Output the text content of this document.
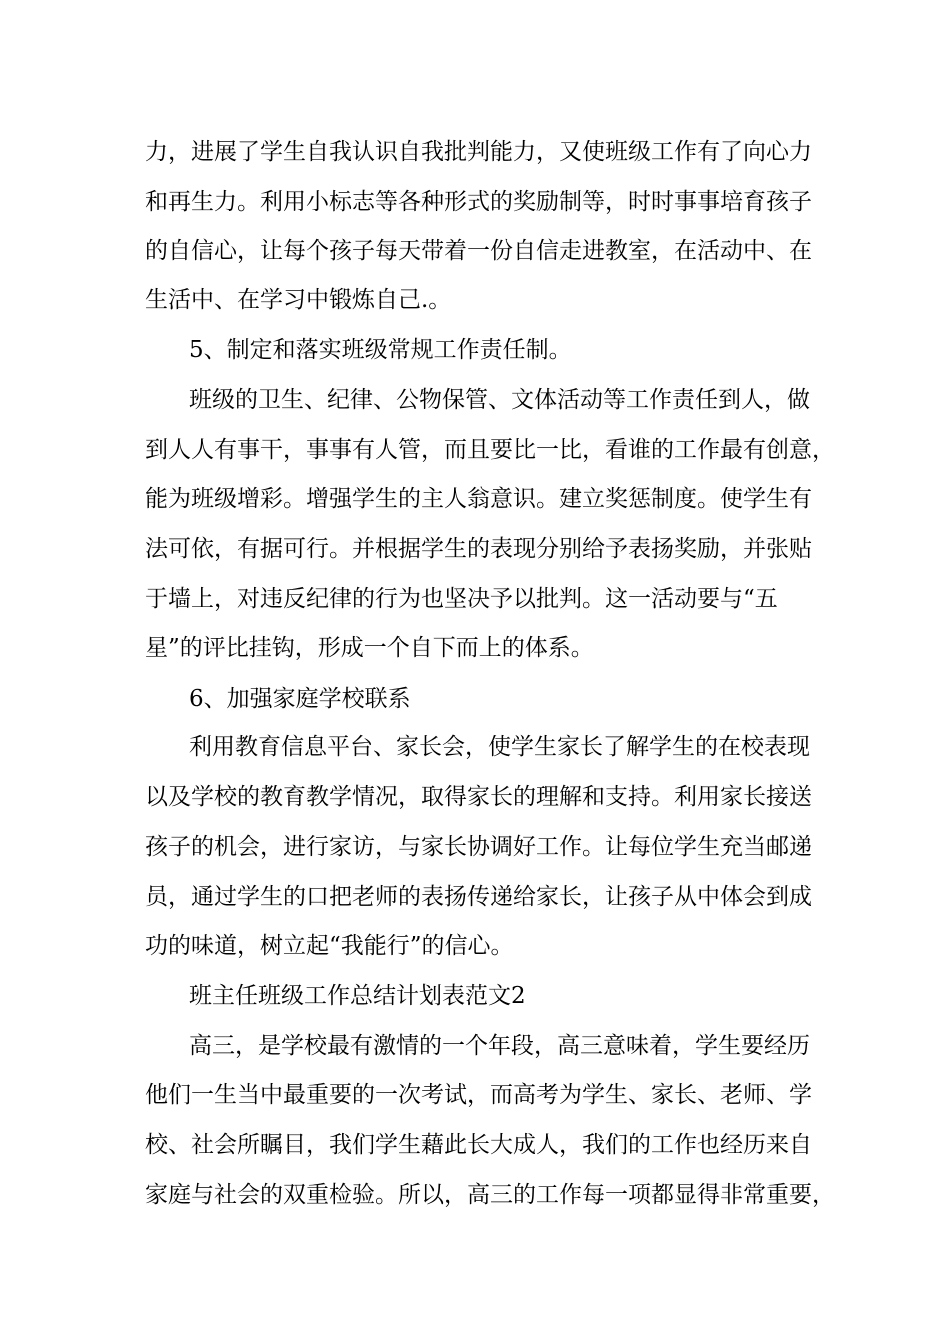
力，进展了学生自我认识自我批判能力，又使班级工作有了向心力
和再生力。利用小标志等各种形式的奖励制等，时时事事培育孩子
的自信心，让每个孩子每天带着一份自信走进教室，在活动中、在
生活中、在学习中锻炼自己.。
5、制定和落实班级常规工作责任制。
班级的卫生、纪律、公物保管、文体活动等工作责任到人，做
到人人有事干，事事有人管，而且要比一比，看谁的工作最有创意，
能为班级增彩。增强学生的主人翁意识。建立奖惩制度。使学生有
法可依，有据可行。并根据学生的表现分别给予表扬奖励，并张贴
于墙上，对违反纪律的行为也坚决予以批判。这一活动要与“五
星”的评比挂钩，形成一个自下而上的体系。
6、加强家庭学校联系
利用教育信息平台、家长会，使学生家长了解学生的在校表现
以及学校的教育教学情况，取得家长的理解和支持。利用家长接送
孩子的机会，进行家访，与家长协调好工作。让每位学生充当邮递
员，通过学生的口把老师的表扬传递给家长，让孩子从中体会到成
功的味道，树立起“我能行”的信心。
班主任班级工作总结计划表范文2
高三，是学校最有激情的一个年段，高三意味着，学生要经历
他们一生当中最重要的一次考试，而高考为学生、家长、老师、学
校、社会所瞩目，我们学生藉此长大成人，我们的工作也经历来自
家庭与社会的双重检验。所以，高三的工作每一项都显得非常重要，
